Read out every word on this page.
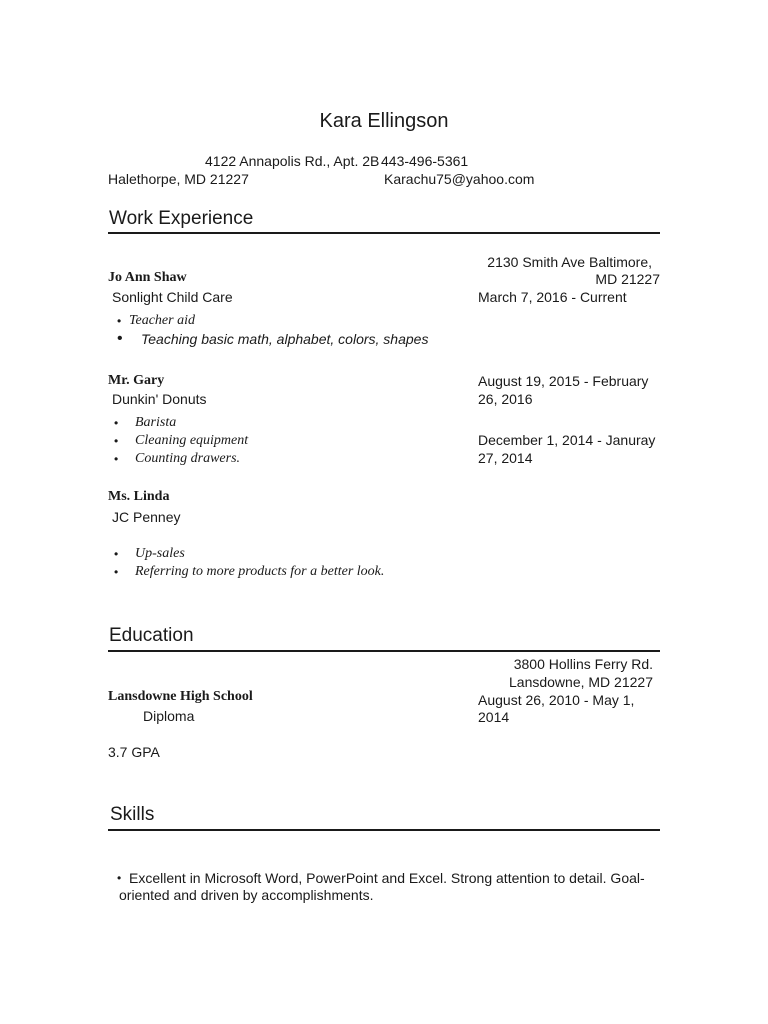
Kara Ellingson
4122 Annapolis Rd., Apt. 2B 443-496-5361
Halethorpe, MD 21227	Karachu75@yahoo.com
Work Experience
2130 Smith Ave Baltimore,
MD 21227
Jo Ann Shaw
Sonlight Child Care	March 7, 2016 - Current
• Teacher aid
• Teaching basic math, alphabet, colors, shapes
Mr. Gary	August 19, 2015 - February
Dunkin' Donuts	26, 2016
• Barista
• Cleaning equipment
• Counting drawers.
December 1, 2014 - Januray
27, 2014
Ms. Linda
JC Penney
• Up-sales
• Referring to more products for a better look.
Education
3800 Hollins Ferry Rd.
Lansdowne, MD 21227
Lansdowne High School	August 26, 2010 - May 1,
Diploma	2014
3.7 GPA
Skills
• Excellent in Microsoft Word, PowerPoint and Excel. Strong attention to detail. Goal-
oriented and driven by accomplishments.
